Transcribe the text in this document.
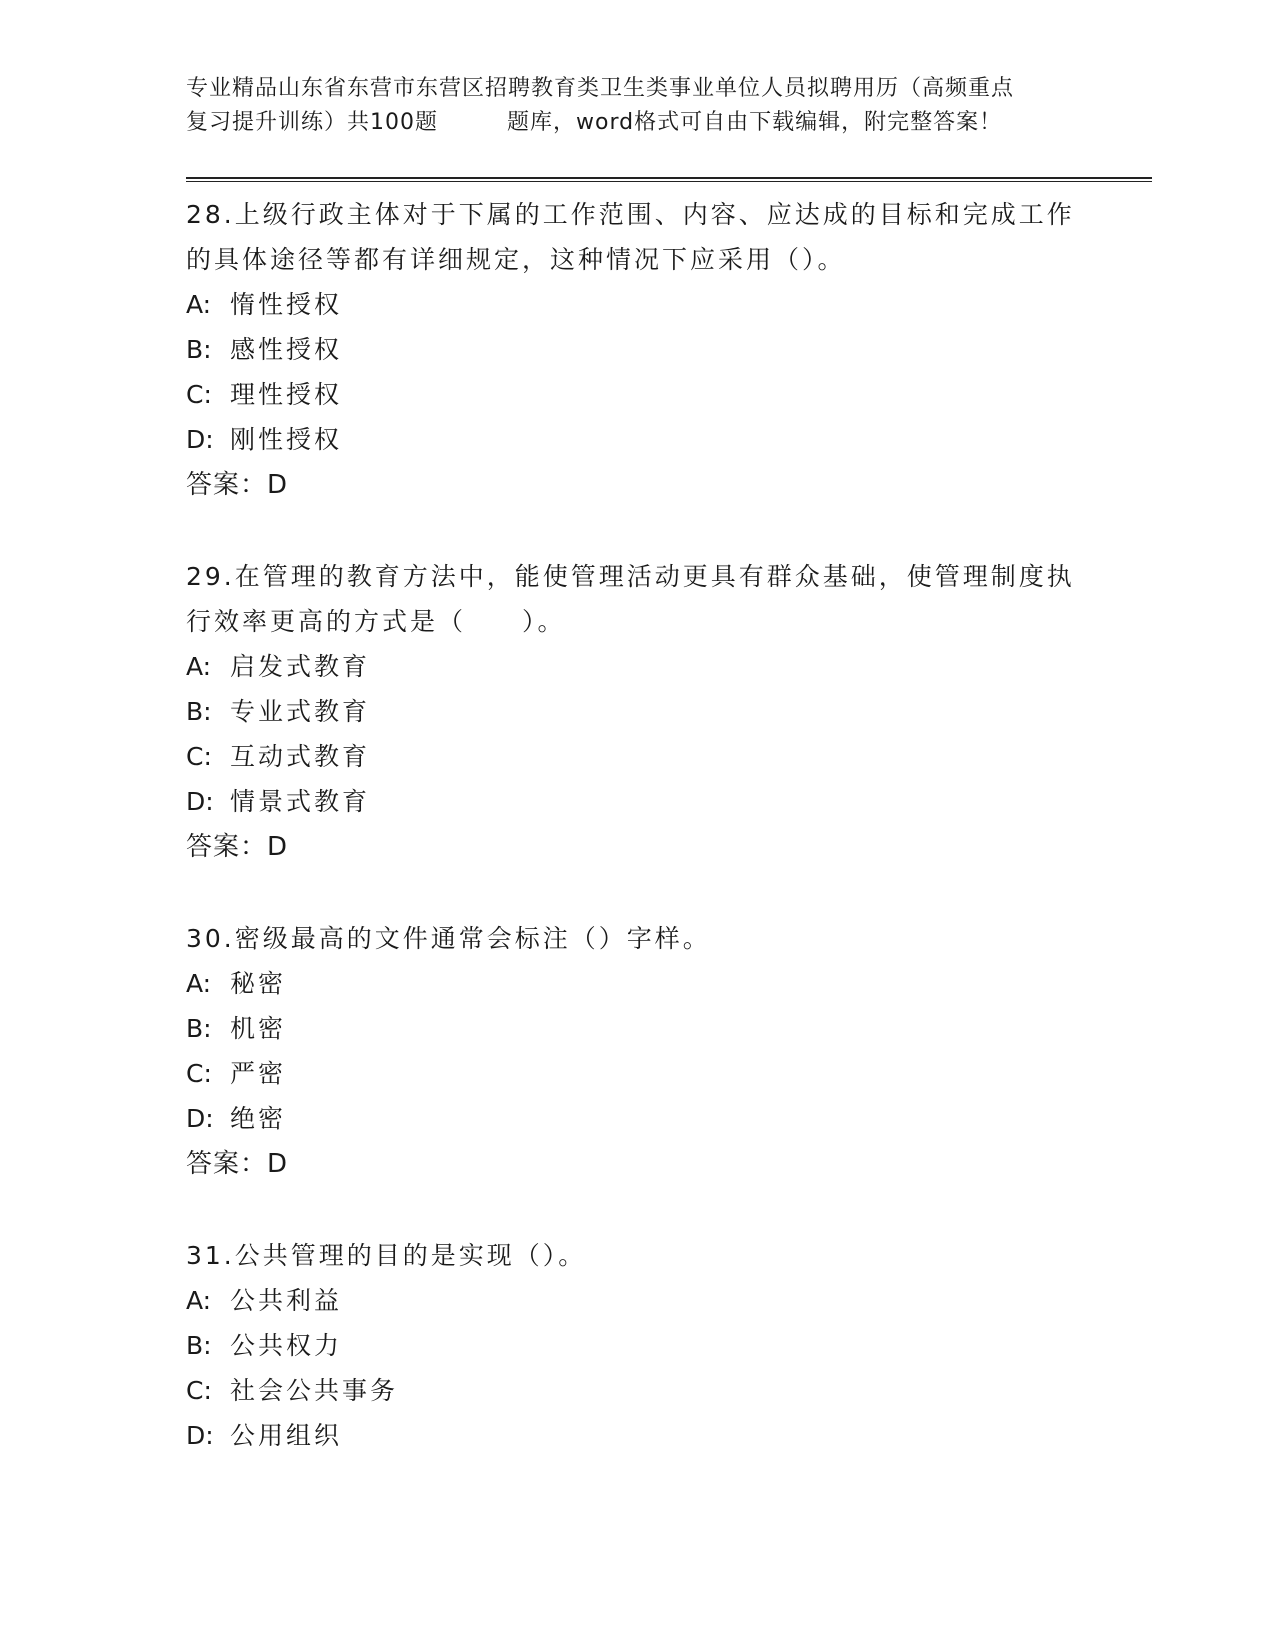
专业精品山东省东营市东营区招聘教育类卫生类事业单位人员拟聘用历（高频重点
复习提升训练）共100题　　　题库，word格式可自由下载编辑，附完整答案！

28.上级行政主体对于下属的工作范围、内容、应达成的目标和完成工作的具体途径等都有详细规定，这种情况下应采用（）。

A: 惰性授权

B: 感性授权

C: 理性授权

D: 刚性授权

答案：D

29.在管理的教育方法中，能使管理活动更具有群众基础，使管理制度执行效率更高的方式是（　　）。

A: 启发式教育

B: 专业式教育

C: 互动式教育

D: 情景式教育

答案：D

30.密级最高的文件通常会标注（）字样。

A: 秘密

B: 机密

C: 严密

D: 绝密

答案：D

31.公共管理的目的是实现（）。

A: 公共利益

B: 公共权力

C: 社会公共事务

D: 公用组织
